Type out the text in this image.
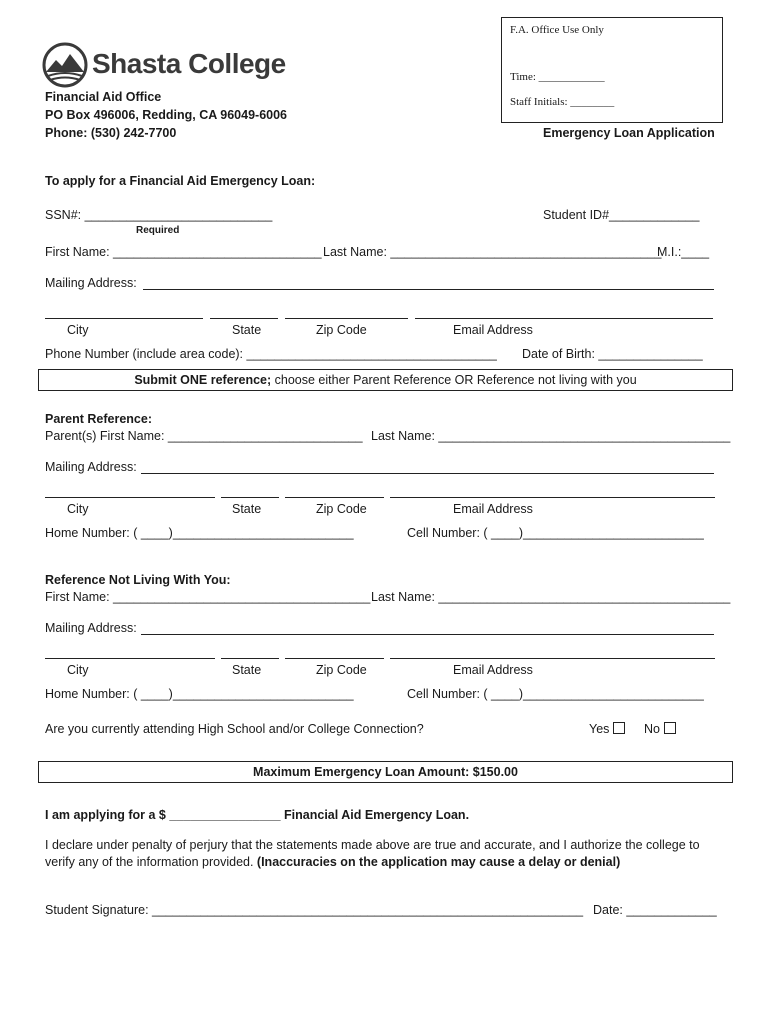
Shasta College
F.A. Office Use Only
Time: ____________
Staff Initials: ________
Financial Aid Office
PO Box 496006, Redding, CA 96049-6006
Phone: (530) 242-7700	Emergency Loan Application
To apply for a Financial Aid Emergency Loan:
SSN#: ___________________________
Required
Student ID#_____________
First Name: ______________________________ Last Name: _______________________________________
M.I.:____
Mailing Address:
City	State	Zip Code	Email Address
Phone Number (include area code): ____________________________________ Date of Birth: _______________
Submit ONE reference; choose either Parent Reference OR Reference not living with you
Parent Reference:
Parent(s) First Name: ____________________________ Last Name: __________________________________________
Mailing Address:
City	State	Zip Code	Email Address
Home Number: ( ____)__________________________	Cell Number: ( ____)__________________________
Reference Not Living With You:
First Name: _____________________________________ Last Name: __________________________________________
Mailing Address:
City	State	Zip Code	Email Address
Home Number: ( ____)__________________________	Cell Number: ( ____)__________________________
Are you currently attending High School and/or College Connection?	Yes	No
Maximum Emergency Loan Amount: $150.00
I am applying for a $ ________________ Financial Aid Emergency Loan.
I declare under penalty of perjury that the statements made above are true and accurate, and I authorize the college to
verify any of the information provided. (Inaccuracies on the application may cause a delay or denial)
Student Signature: ______________________________________________________________ Date: _____________
